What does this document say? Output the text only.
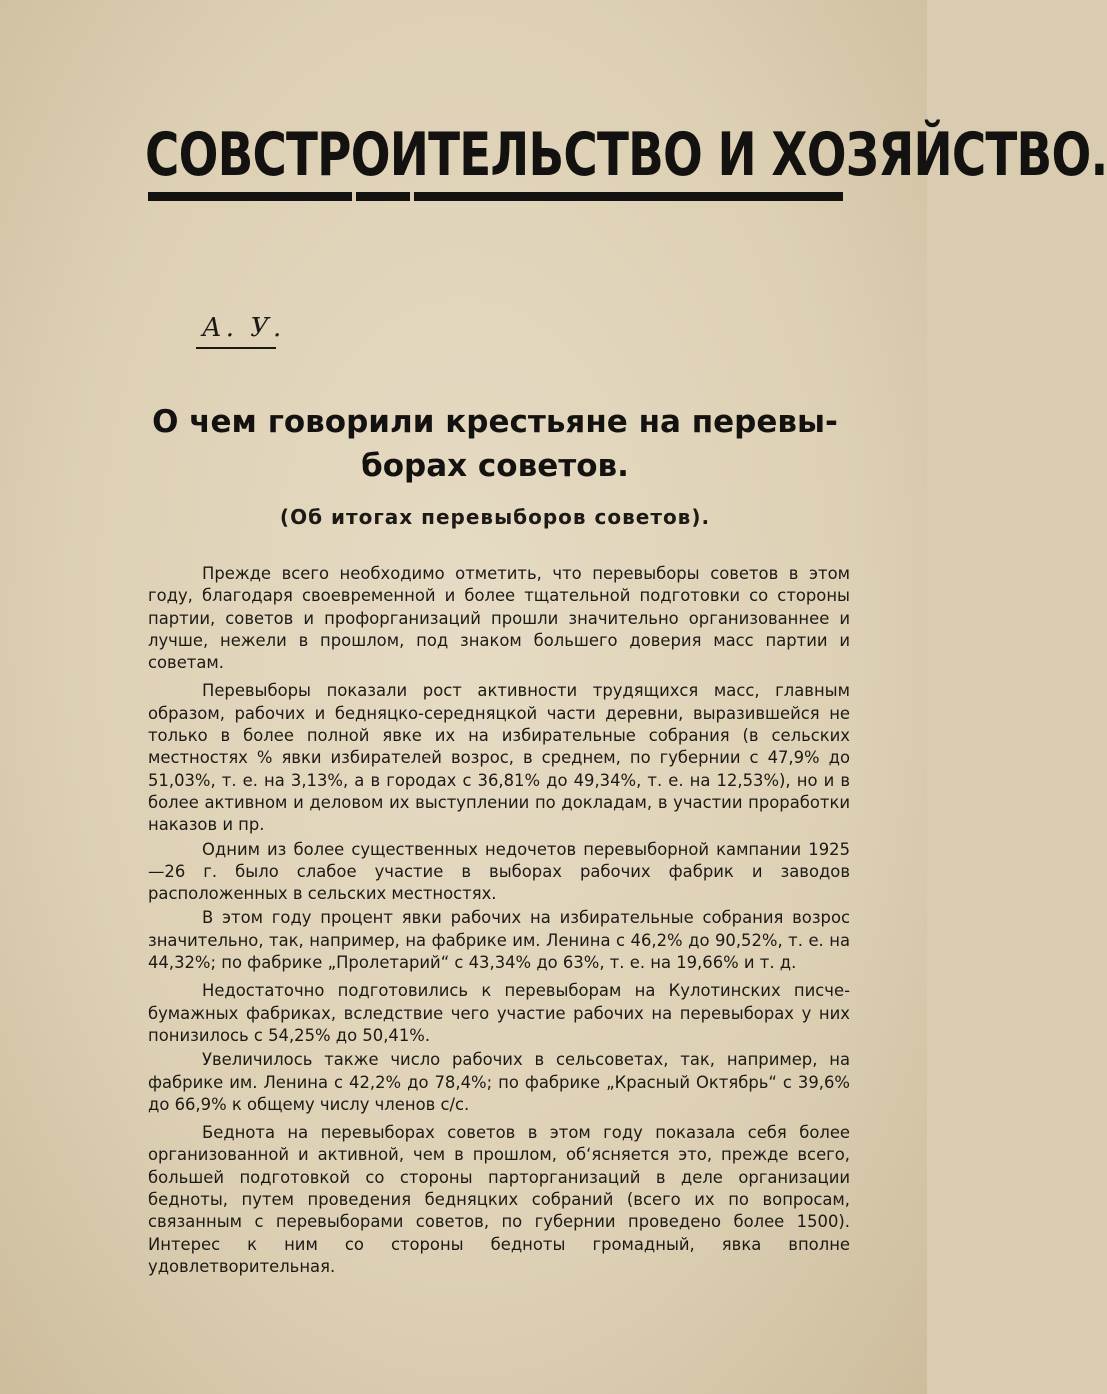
СОВСТРОИТЕЛЬСТВО И ХОЗЯЙСТВО.
А. У.
О чем говорили крестьяне на перевы-
борах советов.
(Об итогах перевыборов советов).

Прежде всего необходимо отметить, что перевыборы советов в этом году, благодаря своевременной и более тщательной подготовки со стороны партии, советов и профорганизаций прошли значительно организованнее и лучше, нежели в прошлом, под знаком большего доверия масс партии и советам.

Перевыборы показали рост активности трудящихся масс, главным образом, рабочих и бедняцко-середняцкой части деревни, выразившейся не только в более полной явке их на избирательные собрания (в сельских местностях % явки избирателей возрос, в среднем, по губернии с 47,9% до 51,03%, т. е. на 3,13%, а в городах с 36,81% до 49,34%, т. е. на 12,53%), но и в более активном и деловом их выступлении по докладам, в участии проработки наказов и пр.

Одним из более существенных недочетов перевыборной кампании 1925—26 г. было слабое участие в выборах рабочих фабрик и заводов расположенных в сельских местностях.

В этом году процент явки рабочих на избирательные собрания возрос значительно, так, например, на фабрике им. Ленина с 46,2% до 90,52%, т. е. на 44,32%; по фабрике „Пролетарий“ с 43,34% до 63%, т. е. на 19,66% и т. д.

Недостаточно подготовились к перевыборам на Кулотинских писче-бумажных фабриках, вследствие чего участие рабочих на перевыборах у них понизилось с 54,25% до 50,41%.

Увеличилось также число рабочих в сельсоветах, так, например, на фабрике им. Ленина с 42,2% до 78,4%; по фабрике „Красный Октябрь“ с 39,6% до 66,9% к общему числу членов с/с.

Беднота на перевыборах советов в этом году показала себя более организованной и активной, чем в прошлом, об‘ясняется это, прежде всего, большей подготовкой со стороны парторганизаций в деле организации бедноты, путем проведения бедняцких собраний (всего их по вопросам, связанным с перевыборами советов, по губернии проведено более 1500). Интерес к ним со стороны бедноты громадный, явка вполне удовлетворительная.
